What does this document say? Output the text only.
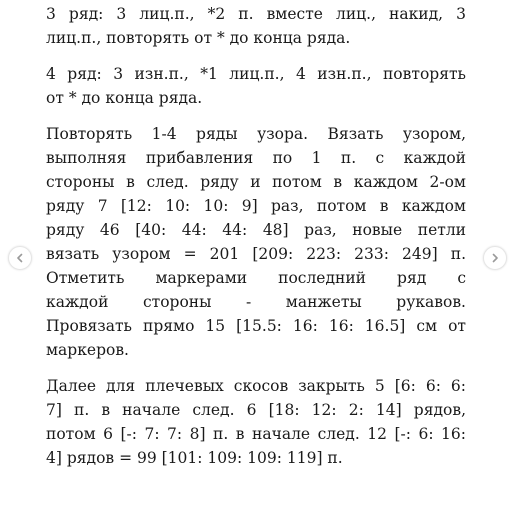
3 ряд: 3 лиц.п., *2 п. вместе лиц., накид, 3
лиц.п., повторять от * до конца ряда.

4 ряд: 3 изн.п., *1 лиц.п., 4 изн.п., повторять
от * до конца ряда.

Повторять 1-4 ряды узора. Вязать узором,
выполняя прибавления по 1 п. с каждой
стороны в след. ряду и потом в каждом 2-ом
ряду 7 [12: 10: 10: 9] раз, потом в каждом
ряду 46 [40: 44: 44: 48] раз, новые петли
вязать узором = 201 [209: 223: 233: 249] п.
Отметить маркерами последний ряд с
каждой стороны - манжеты рукавов.
Провязать прямо 15 [15.5: 16: 16: 16.5] см от
маркеров.

Далее для плечевых скосов закрыть 5 [6: 6: 6:
7] п. в начале след. 6 [18: 12: 2: 14] рядов,
потом 6 [-: 7: 7: 8] п. в начале след. 12 [-: 6: 16:
4] рядов = 99 [101: 109: 109: 119] п.
